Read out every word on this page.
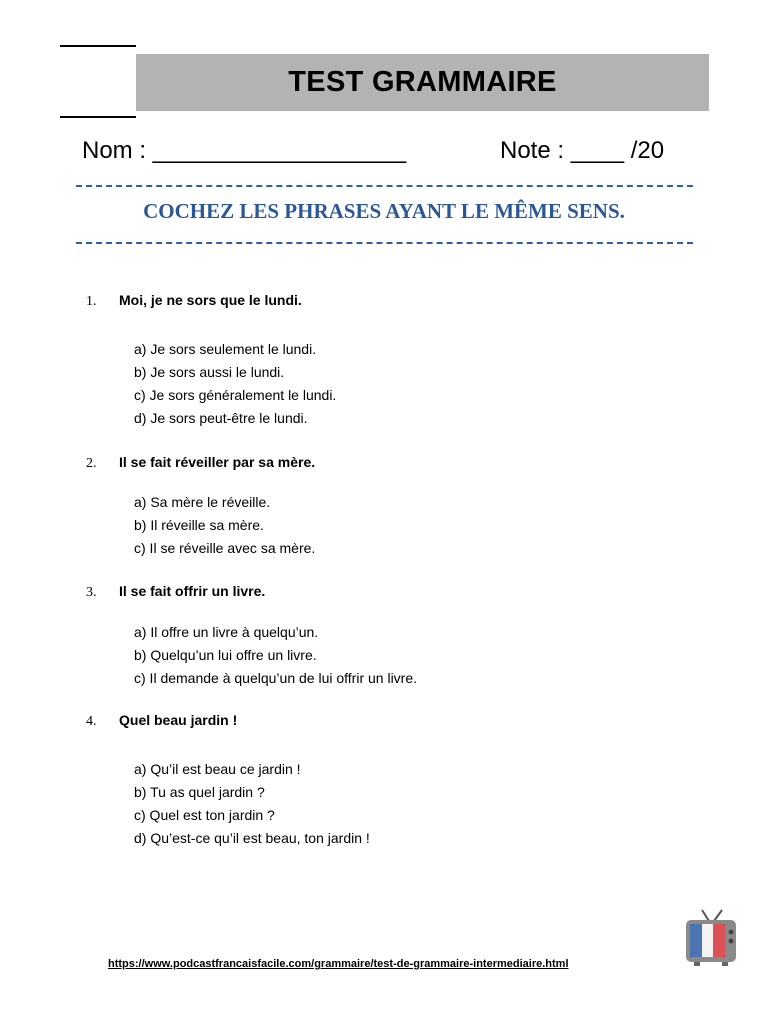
TEST GRAMMAIRE
Nom : ___________________	Note : ____ /20
COCHEZ LES PHRASES AYANT LE MÊME SENS.
1. Moi, je ne sors que le lundi.
a) Je sors seulement le lundi.
b) Je sors aussi le lundi.
c) Je sors généralement le lundi.
d) Je sors peut-être le lundi.
2. Il se fait réveiller par sa mère.
a) Sa mère le réveille.
b) Il réveille sa mère.
c) Il se réveille avec sa mère.
3. Il se fait offrir un livre.
a) Il offre un livre à quelqu’un.
b) Quelqu’un lui offre un livre.
c) Il demande à quelqu’un de lui offrir un livre.
4. Quel beau jardin !
a) Qu’il est beau ce jardin !
b) Tu as quel jardin ?
c) Quel est ton jardin ?
d) Qu’est-ce qu’il est beau, ton jardin !
https://www.podcastfrancaisfacile.com/grammaire/test-de-grammaire-intermediaire.html
